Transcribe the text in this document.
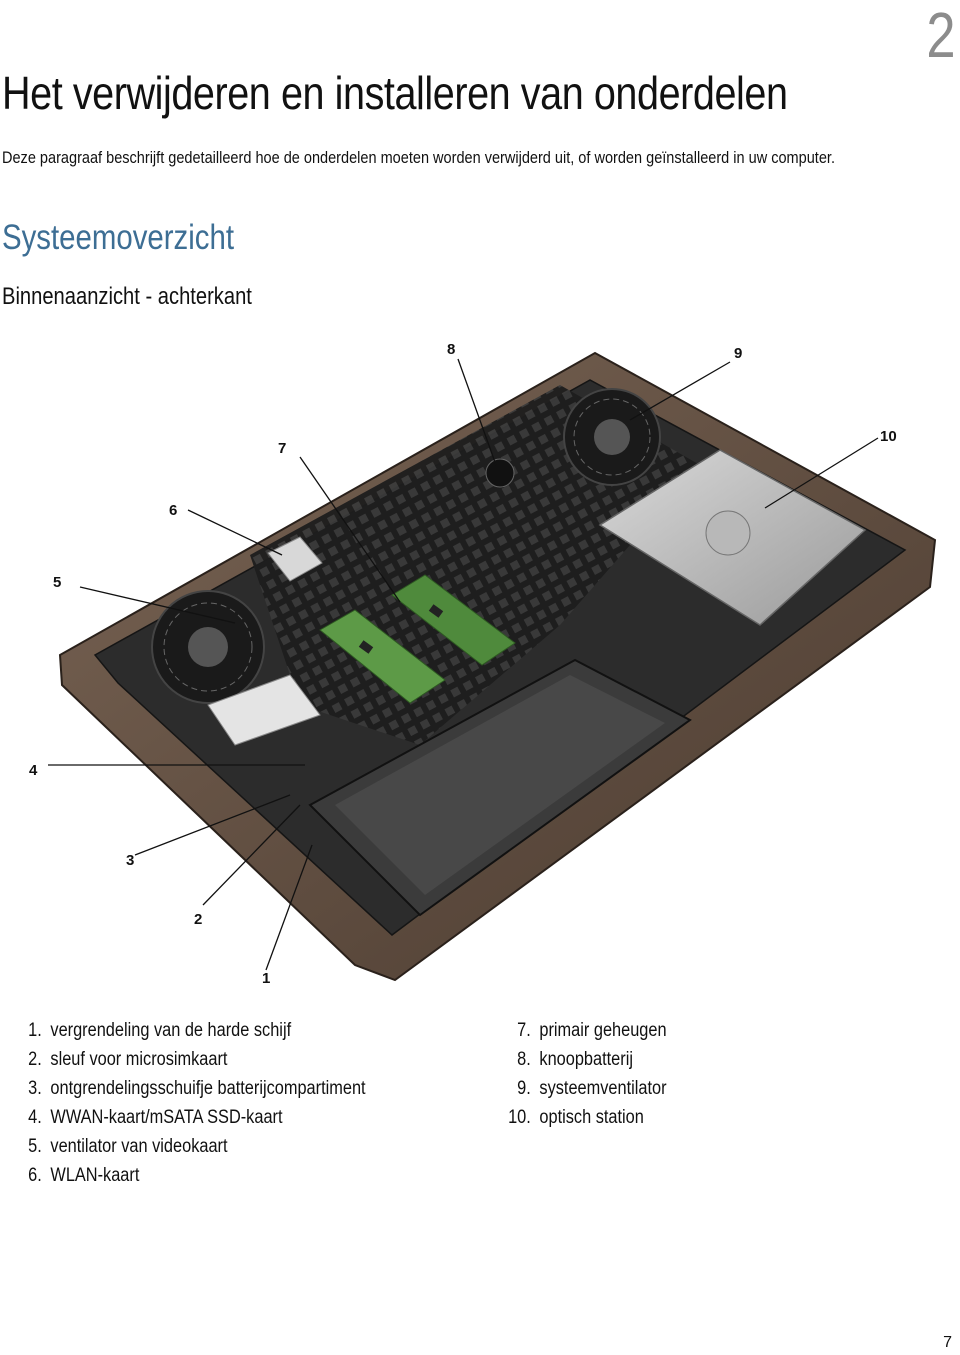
2
Het verwijderen en installeren van onderdelen

Deze paragraaf beschrijft gedetailleerd hoe de onderdelen moeten worden verwijderd uit, of worden geïnstalleerd in uw computer.

Systeemoverzicht
Binnenaanzicht - achterkant
1
2
3
4
5
6
7
8	9
10
1. vergrendeling van de harde schijf
2. sleuf voor microsimkaart
3. ontgrendelingsschuifje batterijcompartiment
4. WWAN-kaart/mSATA SSD-kaart
5. ventilator van videokaart
6. WLAN-kaart
7. primair geheugen
8. knoopbatterij
9. systeemventilator
10. optisch station
7
